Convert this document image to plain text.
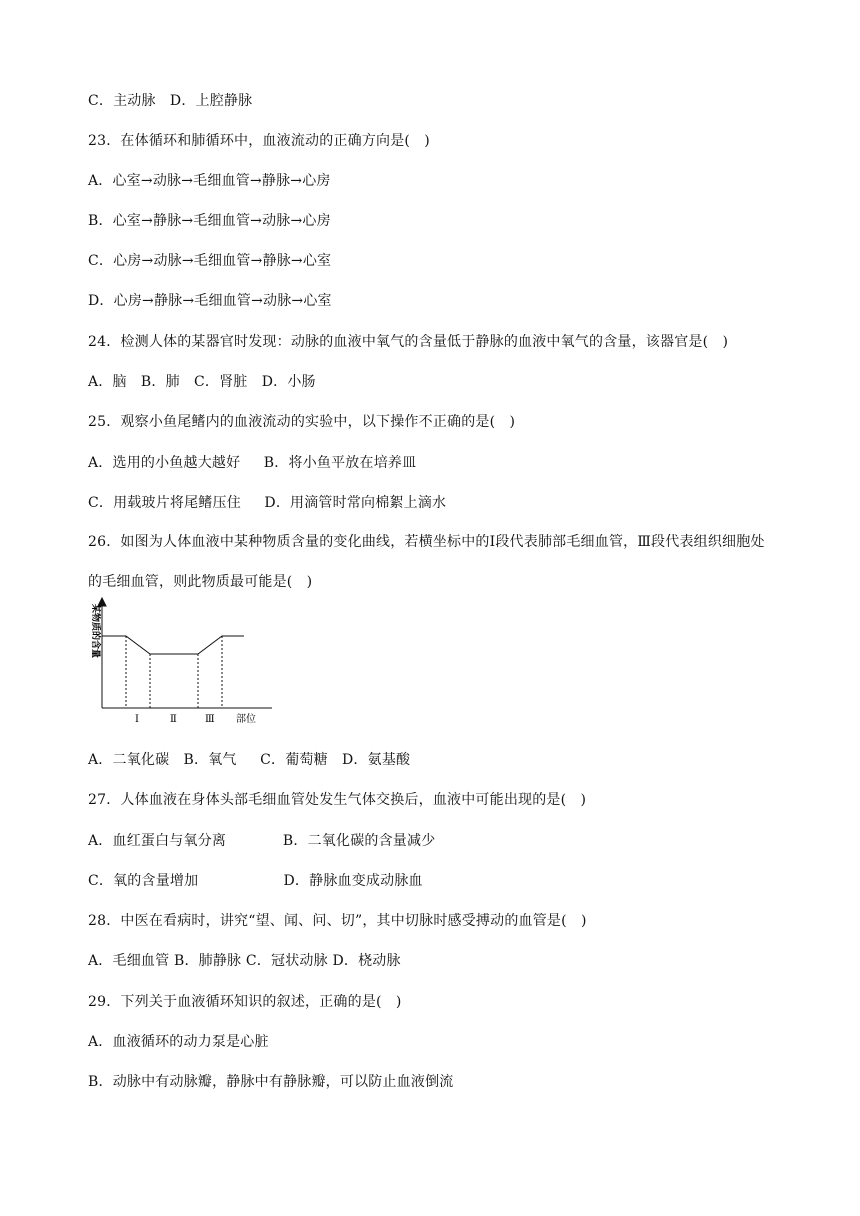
C．主动脉　D．上腔静脉
23．在体循环和肺循环中，血液流动的正确方向是(　)
A．心室→动脉→毛细血管→静脉→心房
B．心室→静脉→毛细血管→动脉→心房
C．心房→动脉→毛细血管→静脉→心室
D．心房→静脉→毛细血管→动脉→心室
24．检测人体的某器官时发现：动脉的血液中氧气的含量低于静脉的血液中氧气的含量，该器官是(　)
A．脑　B．肺　C．肾脏　D．小肠
25．观察小鱼尾鳍内的血液流动的实验中，以下操作不正确的是(　)
A．选用的小鱼越大越好　  B．将小鱼平放在培养皿
C．用载玻片将尾鳍压住　  D．用滴管时常向棉絮上滴水
26．如图为人体血液中某种物质含量的变化曲线，若横坐标中的Ⅰ段代表肺部毛细血管，Ⅲ段代表组织细胞处的毛细血管，则此物质最可能是(　)
某物质的含量
Ⅰ	Ⅱ	Ⅲ 部位
A．二氧化碳　B．氧气　  C．葡萄糖　D．氨基酸
27．人体血液在身体头部毛细血管处发生气体交换后，血液中可能出现的是(　)
A．血红蛋白与氧分离　　　　B．二氧化碳的含量减少
C．氧的含量增加　　　　　　D．静脉血变成动脉血
28．中医在看病时，讲究“望、闻、问、切”，其中切脉时感受搏动的血管是(　)
A．毛细血管 B．肺静脉 C．冠状动脉 D．桡动脉
29．下列关于血液循环知识的叙述，正确的是(　)
A．血液循环的动力泵是心脏
B．动脉中有动脉瓣，静脉中有静脉瓣，可以防止血液倒流
